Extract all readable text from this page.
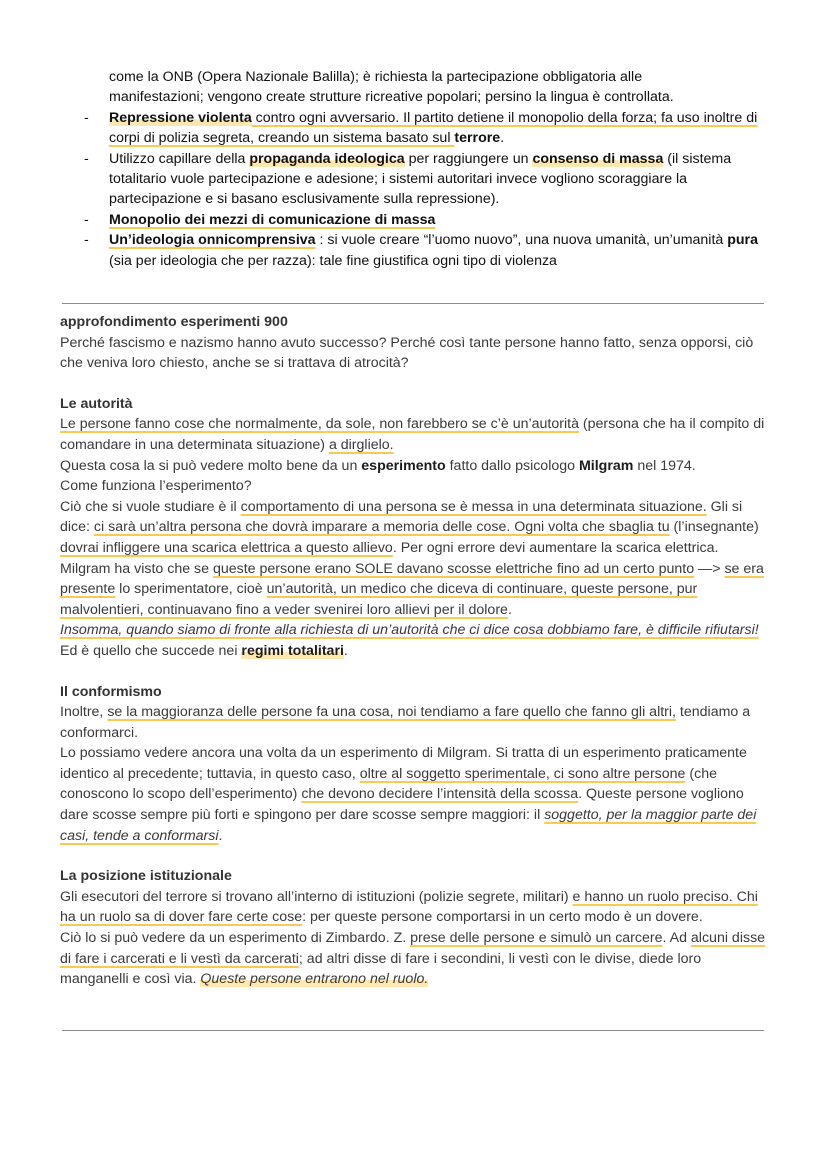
come la ONB (Opera Nazionale Balilla); è richiesta la partecipazione obbligatoria alle
manifestazioni; vengono create strutture ricreative popolari; persino la lingua è controllata.
- Repressione violenta contro ogni avversario. Il partito detiene il monopolio della forza; fa uso inoltre di corpi di polizia segreta, creando un sistema basato sul terrore.
- Utilizzo capillare della propaganda ideologica per raggiungere un consenso di massa (il sistema totalitario vuole partecipazione e adesione; i sistemi autoritari invece vogliono scoraggiare la partecipazione e si basano esclusivamente sulla repressione).
- Monopolio dei mezzi di comunicazione di massa
- Un’ideologia onnicomprensiva : si vuole creare “l’uomo nuovo”, una nuova umanità, un’umanità pura (sia per ideologia che per razza): tale fine giustifica ogni tipo di violenza

approfondimento esperimenti 900

Perché fascismo e nazismo hanno avuto successo? Perché così tante persone hanno fatto, senza opporsi, ciò che veniva loro chiesto, anche se si trattava di atrocità?

Le autorità

Le persone fanno cose che normalmente, da sole, non farebbero se c’è un’autorità (persona che ha il compito di comandare in una determinata situazione) a dirglielo.

Questa cosa la si può vedere molto bene da un esperimento fatto dallo psicologo Milgram nel 1974.

Come funziona l’esperimento?

Ciò che si vuole studiare è il comportamento di una persona se è messa in una determinata situazione. Gli si dice: ci sarà un’altra persona che dovrà imparare a memoria delle cose. Ogni volta che sbaglia tu (l’insegnante) dovrai infliggere una scarica elettrica a questo allievo. Per ogni errore devi aumentare la scarica elettrica. Milgram ha visto che se queste persone erano SOLE davano scosse elettriche fino ad un certo punto —> se era presente lo sperimentatore, cioè un’autorità, un medico che diceva di continuare, queste persone, pur malvolentieri, continuavano fino a veder svenirei loro allievi per il dolore.

Insomma, quando siamo di fronte alla richiesta di un’autorità che ci dice cosa dobbiamo fare, è difficile rifiutarsi! Ed è quello che succede nei regimi totalitari.

Il conformismo

Inoltre, se la maggioranza delle persone fa una cosa, noi tendiamo a fare quello che fanno gli altri, tendiamo a conformarci.

Lo possiamo vedere ancora una volta da un esperimento di Milgram. Si tratta di un esperimento praticamente identico al precedente; tuttavia, in questo caso, oltre al soggetto sperimentale, ci sono altre persone (che conoscono lo scopo dell’esperimento) che devono decidere l’intensità della scossa. Queste persone vogliono dare scosse sempre più forti e spingono per dare scosse sempre maggiori: il soggetto, per la maggior parte dei casi, tende a conformarsi.

La posizione istituzionale

Gli esecutori del terrore si trovano all’interno di istituzioni (polizie segrete, militari) e hanno un ruolo preciso. Chi ha un ruolo sa di dover fare certe cose: per queste persone comportarsi in un certo modo è un dovere.

Ciò lo si può vedere da un esperimento di Zimbardo. Z. prese delle persone e simulò un carcere. Ad alcuni disse di fare i carcerati e li vestì da carcerati; ad altri disse di fare i secondini, li vestì con le divise, diede loro manganelli e così via. Queste persone entrarono nel ruolo.
